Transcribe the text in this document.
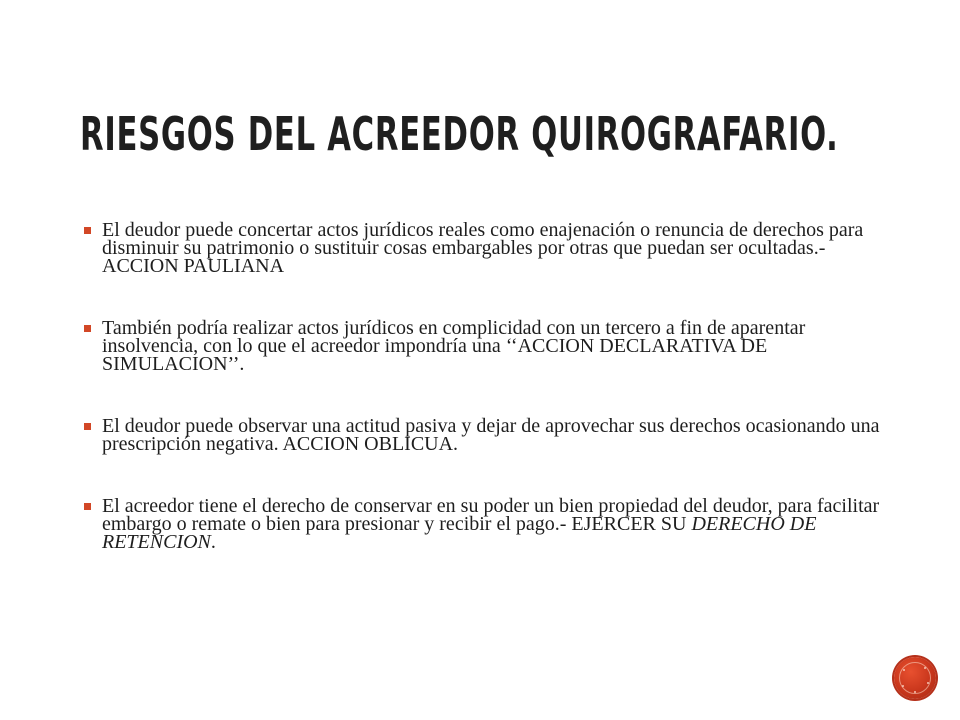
RIESGOS DEL ACREEDOR QUIROGRAFARIO.
El deudor puede concertar actos jurídicos reales como enajenación o renuncia de derechos para disminuir su patrimonio o sustituir cosas embargables por otras que puedan ser ocultadas.- ACCION PAULIANA
También podría realizar actos jurídicos en complicidad con un tercero a fin de aparentar insolvencia, con lo que el acreedor impondría una ‘‘ACCION DECLARATIVA DE SIMULACION’’.
El deudor puede observar una actitud pasiva y dejar de aprovechar sus derechos ocasionando una prescripción negativa. ACCION OBLICUA.
El acreedor tiene el derecho de conservar en su poder un bien propiedad del deudor, para facilitar embargo o remate o bien para presionar y recibir el pago.- EJERCER SU DERECHO DE RETENCION.
